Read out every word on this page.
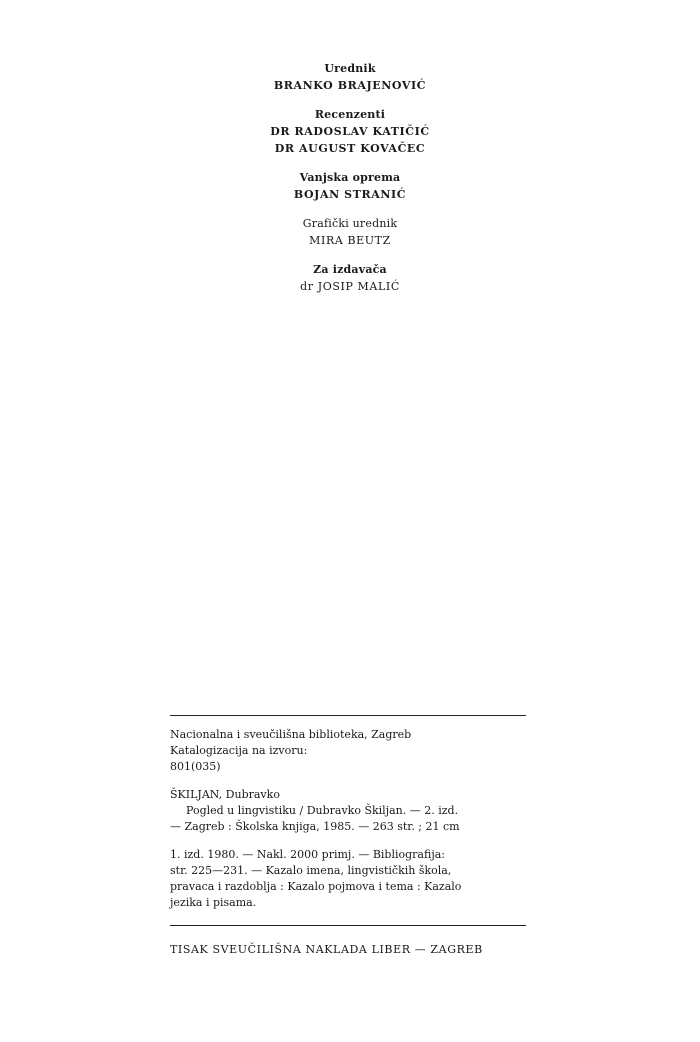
Urednik
BRANKO BRAJENOVIĆ
Recenzenti
DR RADOSLAV KATIČIĆ
DR AUGUST KOVAČEC
Vanjska oprema
BOJAN STRANIĆ
Grafički urednik
MIRA BEUTZ
Za izdavača
dr JOSIP MALIĆ
Nacionalna i sveučilišna biblioteka, Zagreb
Katalogizacija na izvoru:
801(035)
ŠKILJAN, Dubravko
Pogled u lingvistiku / Dubravko Škiljan. — 2. izd.
— Zagreb : Školska knjiga, 1985. — 263 str. ; 21 cm
1. izd. 1980. — Nakl. 2000 primj. — Bibliografija:
str. 225—231. — Kazalo imena, lingvističkih škola,
pravaca i razdoblja : Kazalo pojmova i tema : Kazalo
jezika i pisama.
TISAK SVEUČILIŠNA NAKLADA LIBER — ZAGREB
